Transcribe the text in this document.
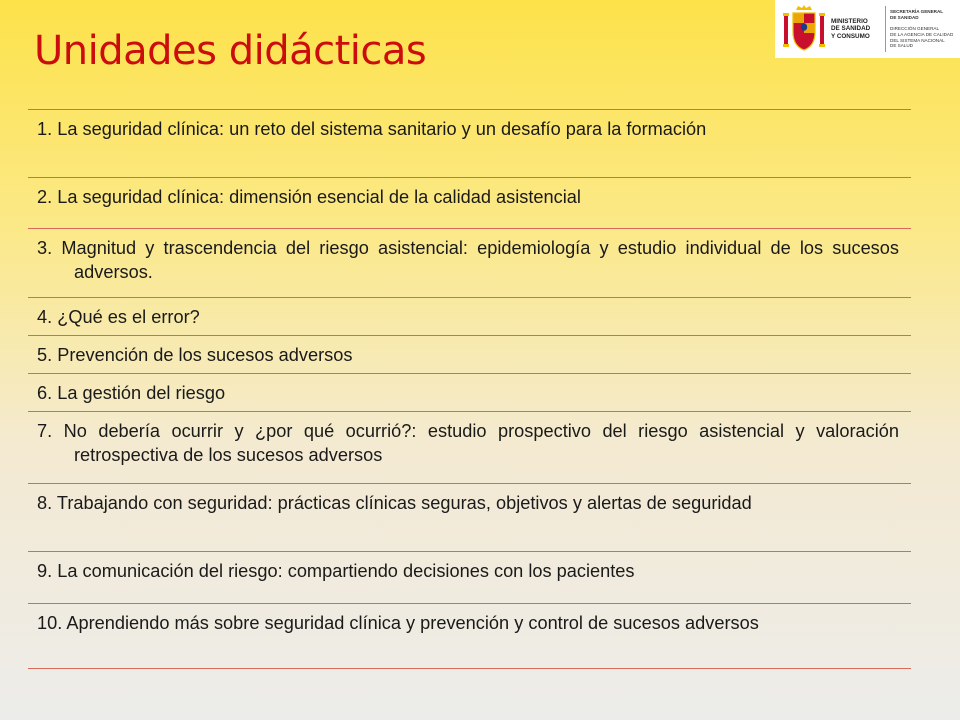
Unidades didácticas
MINISTERIO
DE SANIDAD
Y CONSUMO
SECRETARÍA GENERAL
DE SANIDAD
DIRECCIÓN GENERAL
DE LA AGENCIA DE CALIDAD
DEL SISTEMA NACIONAL
DE SALUD
1. La seguridad clínica: un reto del sistema sanitario y un desafío para la formación
2. La seguridad clínica: dimensión esencial de la calidad asistencial
3. Magnitud y trascendencia del riesgo asistencial: epidemiología y estudio individual de los sucesos adversos.
4. ¿Qué es el error?
5. Prevención de los sucesos adversos
6. La gestión del riesgo
7. No debería ocurrir y ¿por qué ocurrió?: estudio prospectivo del riesgo asistencial y valoración retrospectiva de los sucesos adversos
8. Trabajando con seguridad: prácticas clínicas seguras, objetivos y alertas de seguridad
9. La comunicación del riesgo: compartiendo decisiones con los pacientes
10. Aprendiendo más sobre seguridad clínica y prevención y control de sucesos adversos
